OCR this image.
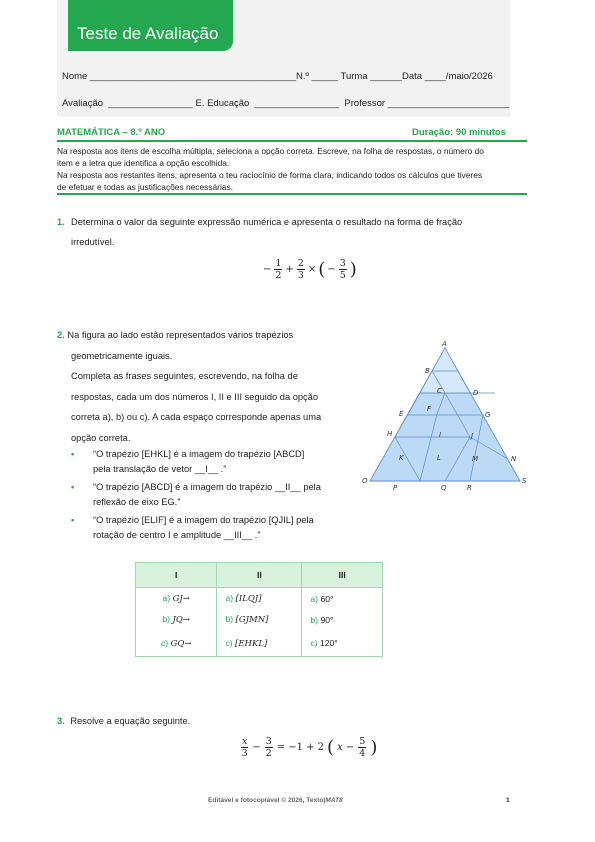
Teste de Avaliação
Nome _______________________________________N.º _____ Turma ______Data ____/maio/2026
Avaliação  ________________ E. Educação  ________________  Professor _______________________
MATEMÁTICA – 8.º ANO	Duração: 90 minutos
Na resposta aos itens de escolha múltipla, seleciona a opção correta. Escreve, na folha de respostas, o número do
item e a letra que identifica a opção escolhida.
Na resposta aos restantes itens, apresenta o teu raciocínio de forma clara, indicando todos os cálculos que tiveres
de efetuar e todas as justificações necessárias.
1. Determina o valor da seguinte expressão numérica e apresenta o resultado na forma de fração
irredutível.
− $\frac{1}{2} + \frac{2}{3}$ × ( − $\frac{3}{5}$ )
2. Na figura ao lado estão representados vários trapézios
geometricamente iguais.
Completa as frases seguintes, escrevendo, na folha de
respostas, cada um dos números I, II e III seguido da opção
correta a), b) ou c). A cada espaço corresponde apenas uma
opção correta.
• “O trapézio [EHKL] é a imagem do trapézio [ABCD]
pela translação de vetor __I__ .”
• “O trapézio [ABCD] é a imagem do trapézio __II__ pela
reflexão de eixo EG.”
• “O trapézio [ELIF] é a imagem do trapézio [QJIL] pela
rotação de centro I e amplitude __III__ .”
A
B
C	D
E
F
G
H	I	J
K	L	M	N
O
P	Q	R
S
I	II	III
a) GJ→	a) [ILQJ]	a) 60°
b) JQ→	b) [GJMN]	b) 90°
c) GQ→	c) [EHKL]	c) 120°
3. Resolve a equação seguinte.
$\frac{x}{3} - \frac{3}{2} = -1 + 2$ ( $x - \frac{5}{4}$ )
Editável e fotocopiável © 2026, Texto|MAT8	1
